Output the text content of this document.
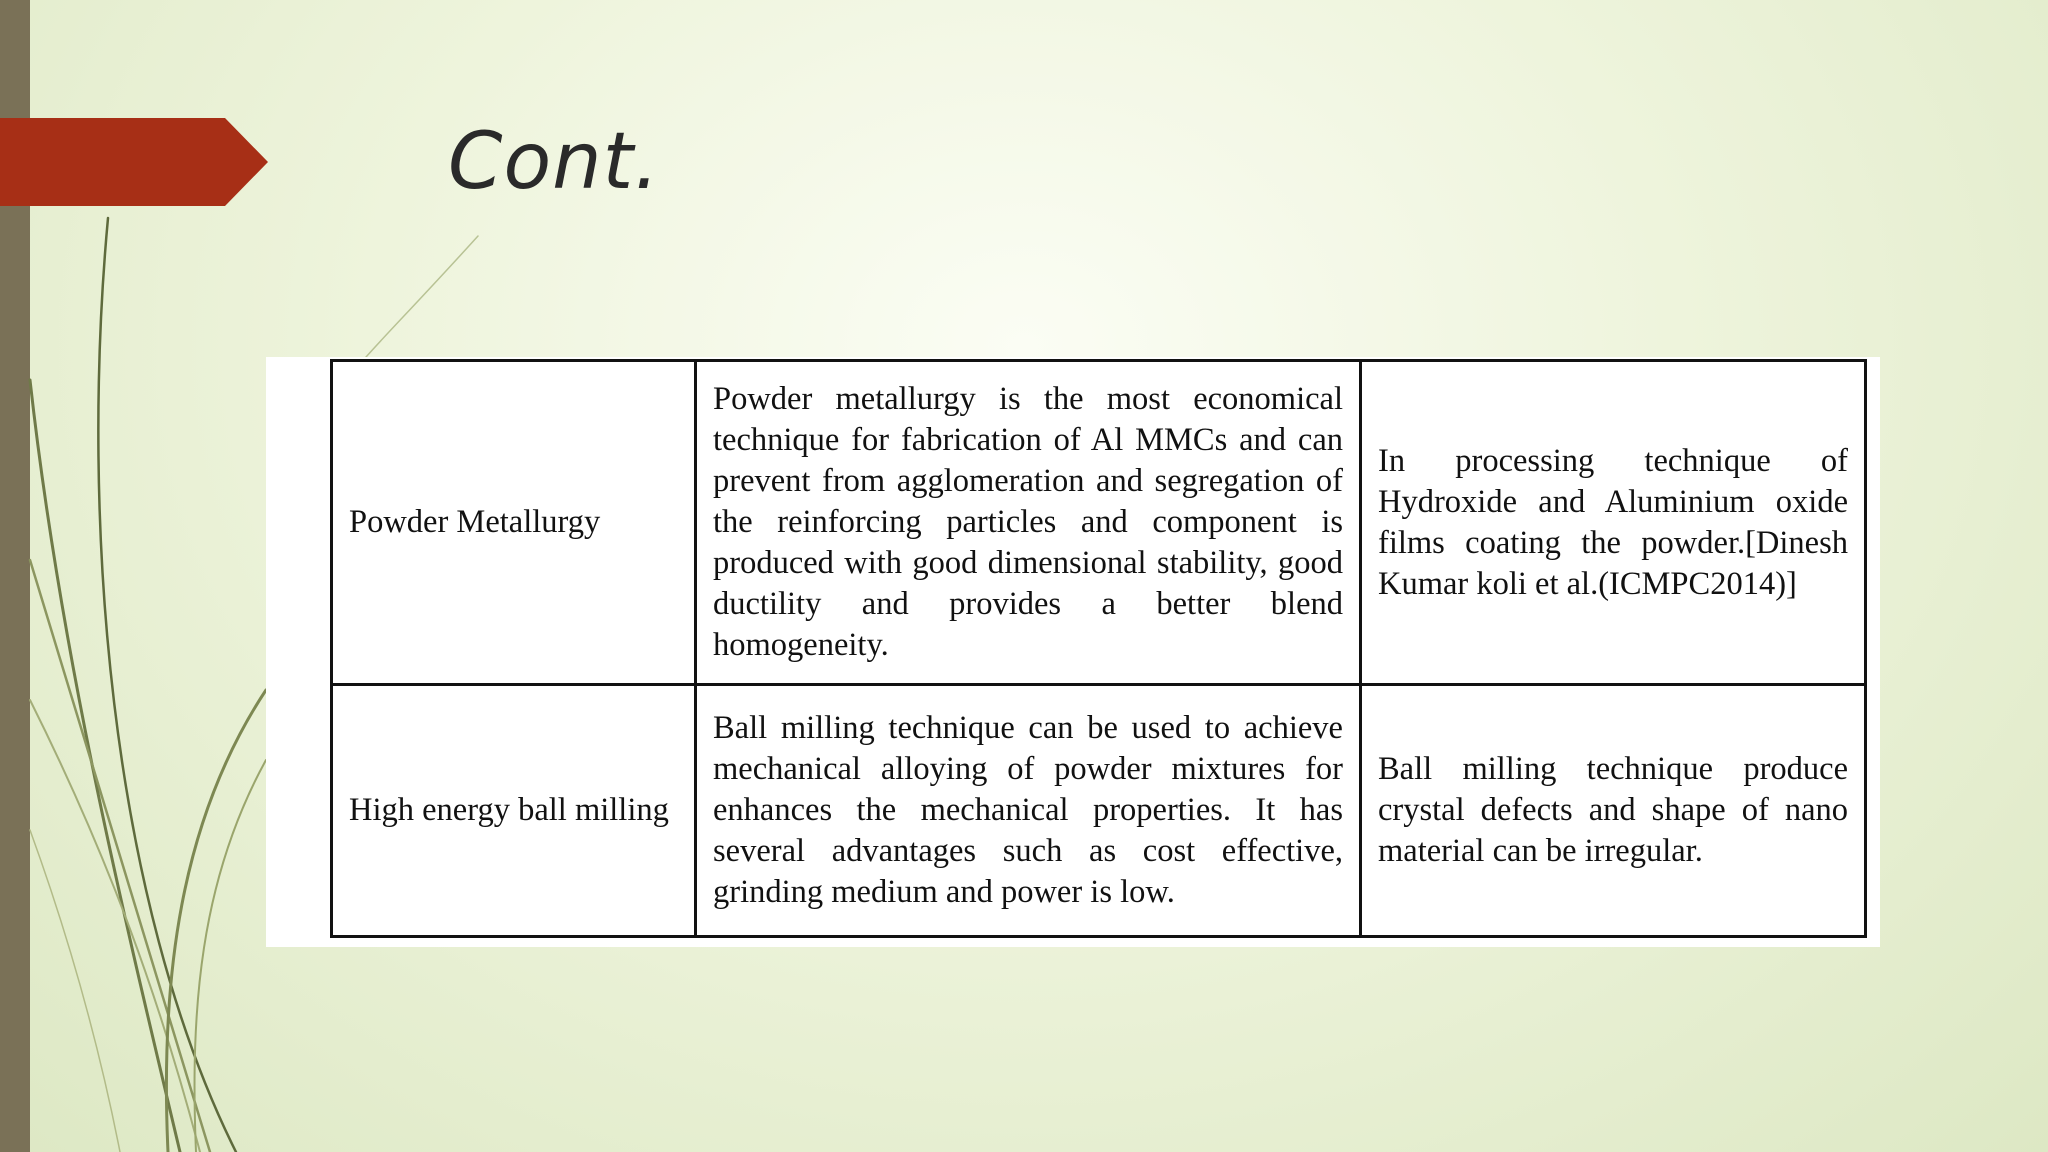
Cont.
Powder Metallurgy	Powder metallurgy is the most economical technique for fabrication of Al MMCs and can prevent from agglomeration and segregation of the reinforcing particles and component is produced with good dimensional stability, good ductility and provides a better blend homogeneity.	In processing technique of Hydroxide and Aluminium oxide films coating the powder.[Dinesh Kumar koli et al.(ICMPC2014)]
High energy ball milling	Ball milling technique can be used to achieve mechanical alloying of powder mixtures for enhances the mechanical properties. It has several advantages such as cost effective, grinding medium and power is low.	Ball milling technique produce crystal defects and shape of nano material can be irregular.
